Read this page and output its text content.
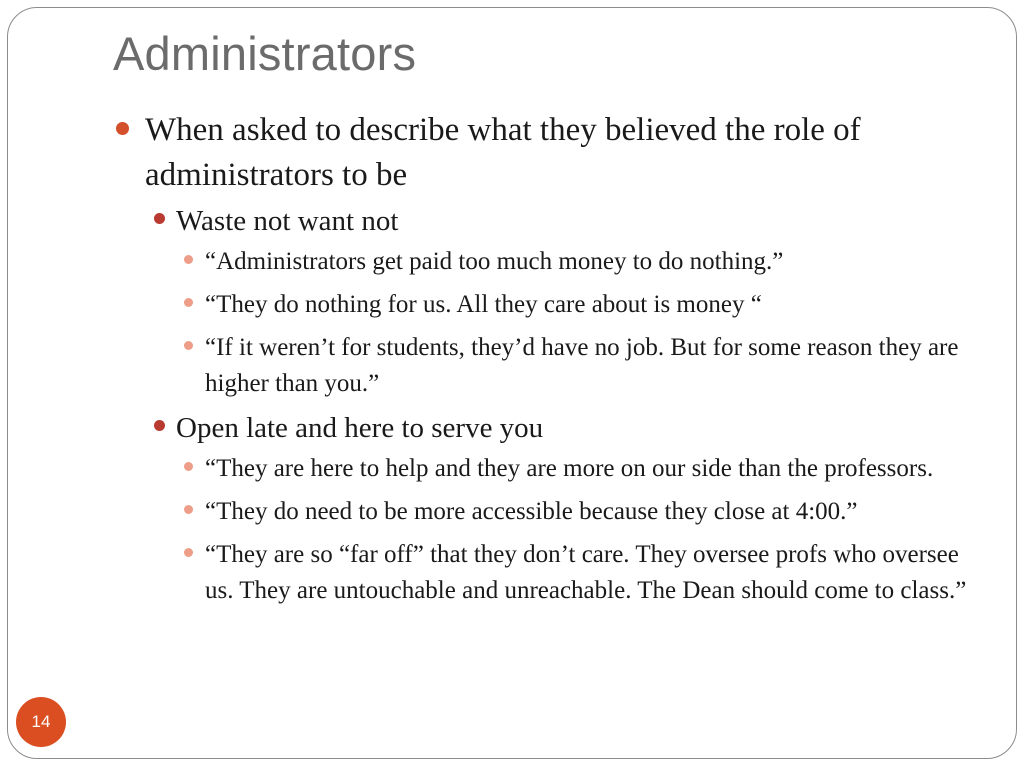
Administrators
When asked to describe what they believed the role of administrators to be
Waste not want not
“Administrators get paid too much money to do nothing.”
“They do nothing for us. All they care about is money “
“If it weren’t for students, they’d have no job. But for some reason they are higher than you.”
Open late and here to serve you
“They are here to help and they are more on our side than the professors.
“They do need to be more accessible because they close at 4:00.”
“They are so “far off” that they don’t care. They oversee profs who oversee us. They are untouchable and unreachable. The Dean should come to class.”
14
